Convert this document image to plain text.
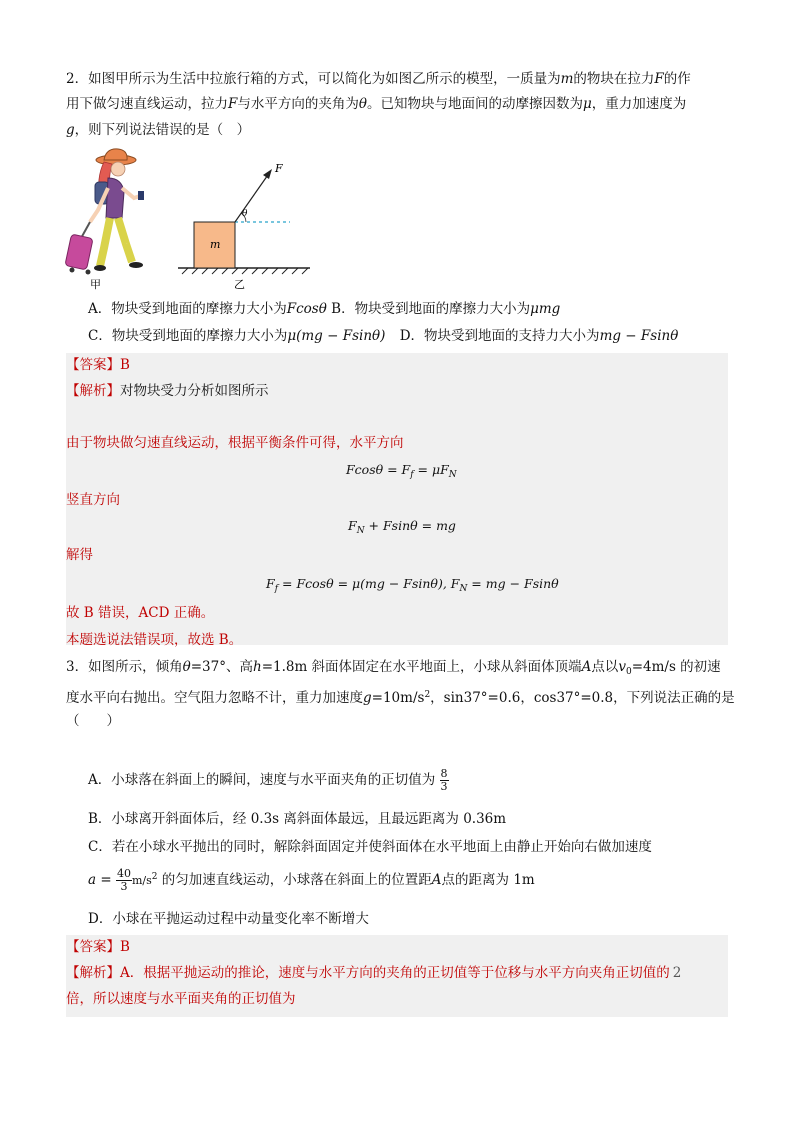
2．如图甲所示为生活中拉旅行箱的方式，可以简化为如图乙所示的模型，一质量为m的物块在拉力F的作
用下做匀速直线运动，拉力F与水平方向的夹角为θ。已知物块与地面间的动摩擦因数为μ，重力加速度为
g，则下列说法错误的是（　）
甲
m
F
θ
乙
A．物块受到地面的摩擦力大小为Fcosθ B．物块受到地面的摩擦力大小为μmg
C．物块受到地面的摩擦力大小为μ(mg − Fsinθ) D．物块受到地面的支持力大小为mg − Fsinθ
【答案】B
【解析】对物块受力分析如图所示
由于物块做匀速直线运动，根据平衡条件可得，水平方向
$Fcos\theta = F_f = \mu F_N$
竖直方向
$F_N + Fsin\theta$ = mg
解得
$F_f = Fcos\theta = \mu(mg - Fsin\theta)$, $F_N$ = mg − Fsinθ
故 B 错误，ACD 正确。
本题选说法错误项，故选 B。
3．如图所示，倾角θ=37°、高h=1.8m 斜面体固定在水平地面上，小球从斜面体顶端A点以$v_0=4m/s$ 的初速
度水平向右抛出。空气阻力忽略不计，重力加速度$g=10m/s^2$，sin37°=0.6，cos37°=0.8，下列说法正确的是
（　　）
A．小球落在斜面上的瞬间，速度与水平面夹角的正切值为 $\frac{8}{3}$
B．小球离开斜面体后，经 0.3s 离斜面体最远，且最远距离为 0.36m
C．若在小球水平抛出的同时，解除斜面固定并使斜面体在水平地面上由静止开始向右做加速度
$a = \frac{40}{3} m/s^2$ 的匀加速直线运动，小球落在斜面上的位置距A点的距离为 1m
D．小球在平抛运动过程中动量变化率不断增大
【答案】B
【解析】A．根据平抛运动的推论，速度与水平方向的夹角的正切值等于位移与水平方向夹角正切值的 2
倍，所以速度与水平面夹角的正切值为
